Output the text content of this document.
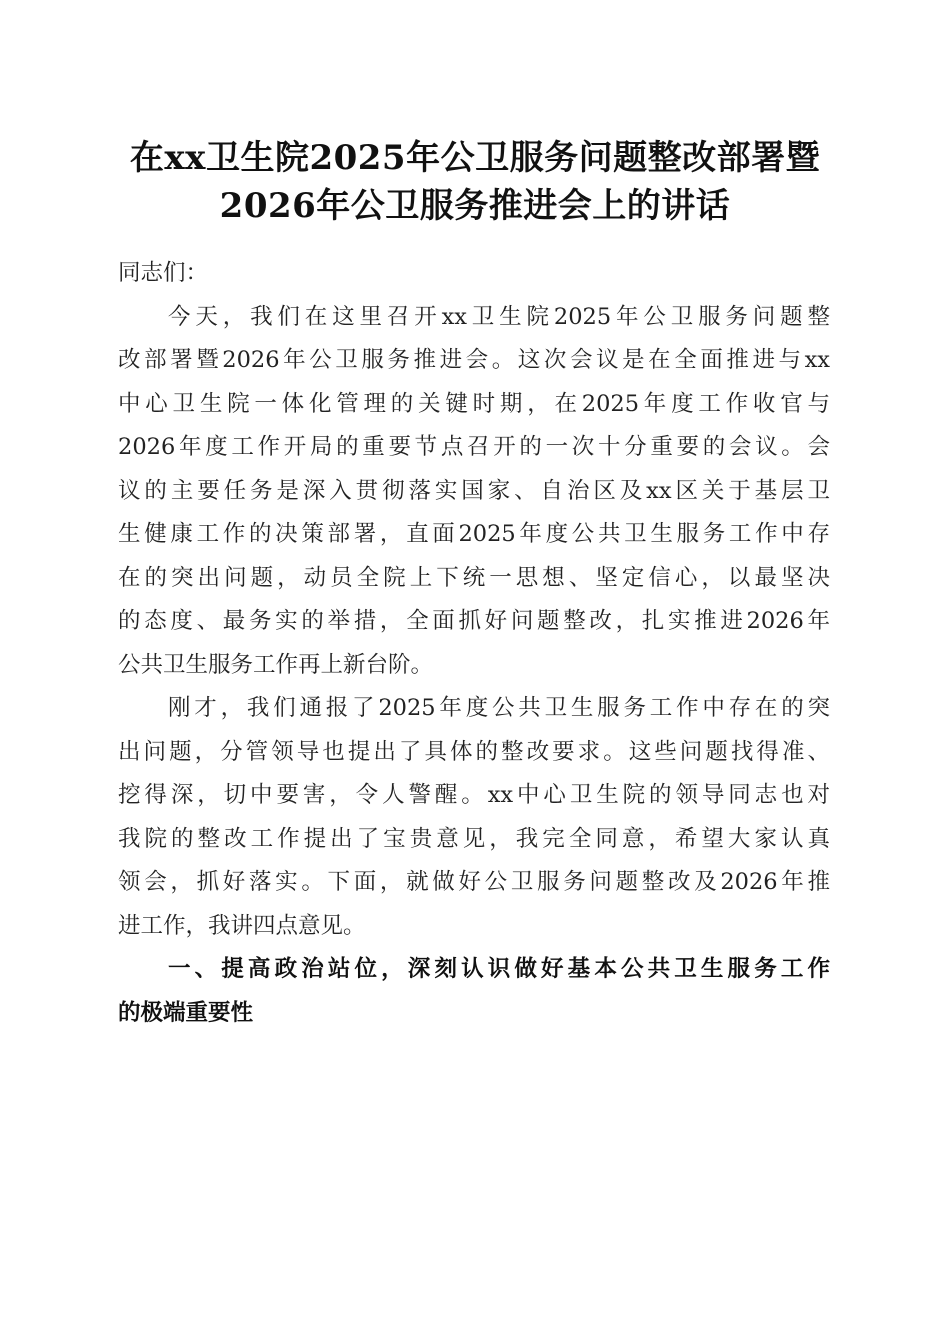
在xx卫生院2025年公卫服务问题整改部署暨
2026年公卫服务推进会上的讲话
同志们：
今天，我们在这里召开xx卫生院2025年公卫服务问题整
改部署暨2026年公卫服务推进会。这次会议是在全面推进与xx
中心卫生院一体化管理的关键时期，在2025年度工作收官与
2026年度工作开局的重要节点召开的一次十分重要的会议。会
议的主要任务是深入贯彻落实国家、自治区及xx区关于基层卫
生健康工作的决策部署，直面2025年度公共卫生服务工作中存
在的突出问题，动员全院上下统一思想、坚定信心，以最坚决
的态度、最务实的举措，全面抓好问题整改，扎实推进2026年
公共卫生服务工作再上新台阶。
刚才，我们通报了2025年度公共卫生服务工作中存在的突
出问题，分管领导也提出了具体的整改要求。这些问题找得准、
挖得深，切中要害，令人警醒。xx中心卫生院的领导同志也对
我院的整改工作提出了宝贵意见，我完全同意，希望大家认真
领会，抓好落实。下面，就做好公卫服务问题整改及2026年推
进工作，我讲四点意见。
一、提高政治站位，深刻认识做好基本公共卫生服务工作
的极端重要性
